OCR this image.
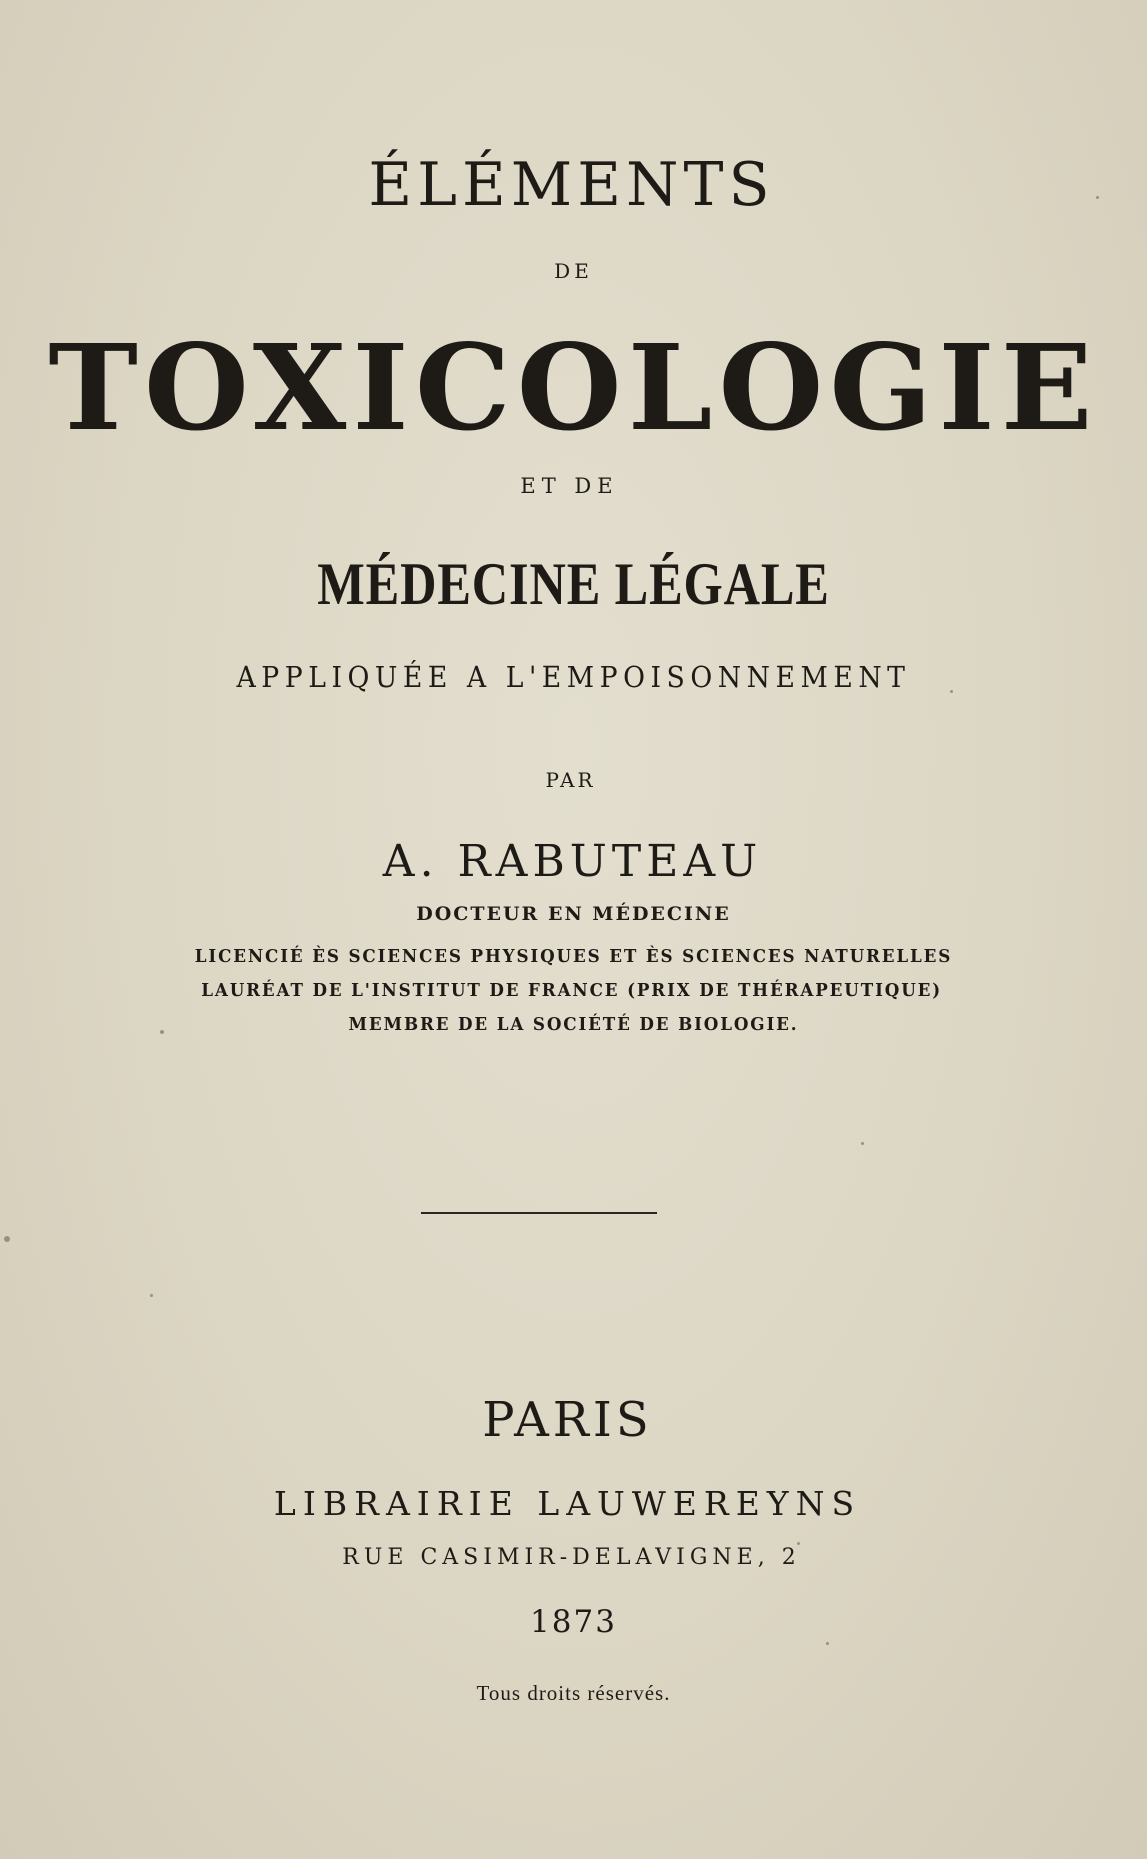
ÉLÉMENTS
DE
TOXICOLOGIE
ET DE
MÉDECINE LÉGALE
APPLIQUÉE A L'EMPOISONNEMENT
PAR
A. RABUTEAU
DOCTEUR EN MÉDECINE
LICENCIÉ ÈS SCIENCES PHYSIQUES ET ÈS SCIENCES NATURELLES
LAURÉAT DE L'INSTITUT DE FRANCE (PRIX DE THÉRAPEUTIQUE)
MEMBRE DE LA SOCIÉTÉ DE BIOLOGIE.
PARIS
LIBRAIRIE LAUWEREYNS
RUE CASIMIR-DELAVIGNE, 2
1873
Tous droits réservés.
